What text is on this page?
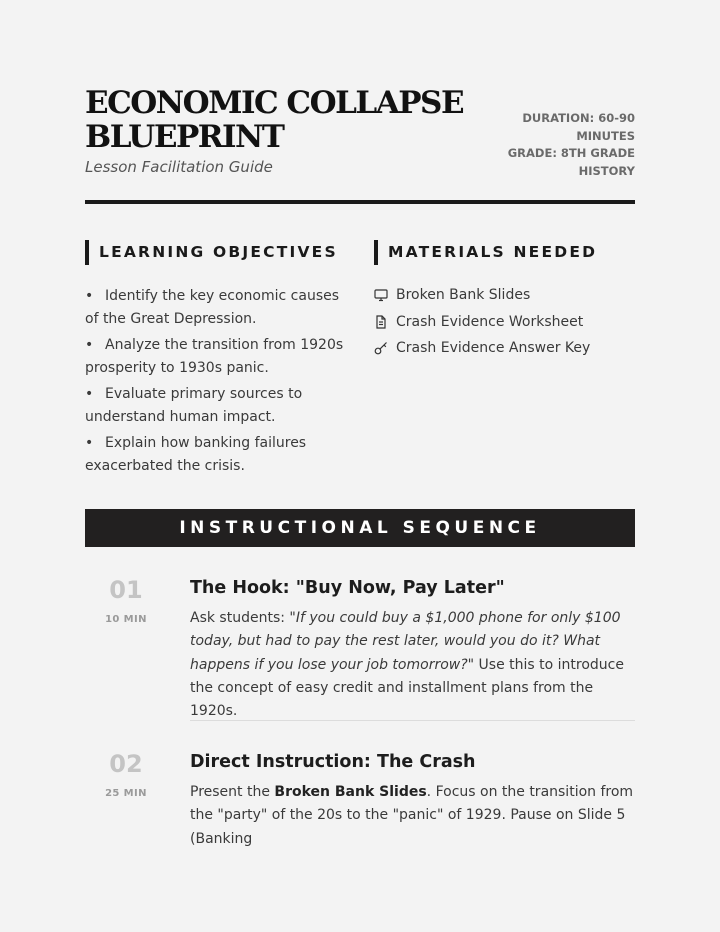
ECONOMIC COLLAPSE
BLUEPRINT
Lesson Facilitation Guide
DURATION: 60-90
MINUTES
GRADE: 8TH GRADE
HISTORY
LEARNING OBJECTIVES
• Identify the key economic causes of the Great Depression.
• Analyze the transition from 1920s prosperity to 1930s panic.
• Evaluate primary sources to understand human impact.
• Explain how banking failures exacerbated the crisis.
MATERIALS NEEDED
Broken Bank Slides
Crash Evidence Worksheet
Crash Evidence Answer Key
INSTRUCTIONAL SEQUENCE
01
10 MIN
The Hook: "Buy Now, Pay Later"
Ask students: "If you could buy a $1,000 phone for only $100 today, but had to pay the rest later, would you do it? What happens if you lose your job tomorrow?" Use this to introduce the concept of easy credit and installment plans from the 1920s.
02
25 MIN
Direct Instruction: The Crash
Present the Broken Bank Slides. Focus on the transition from the "party" of the 20s to the "panic" of 1929. Pause on Slide 5 (Banking
